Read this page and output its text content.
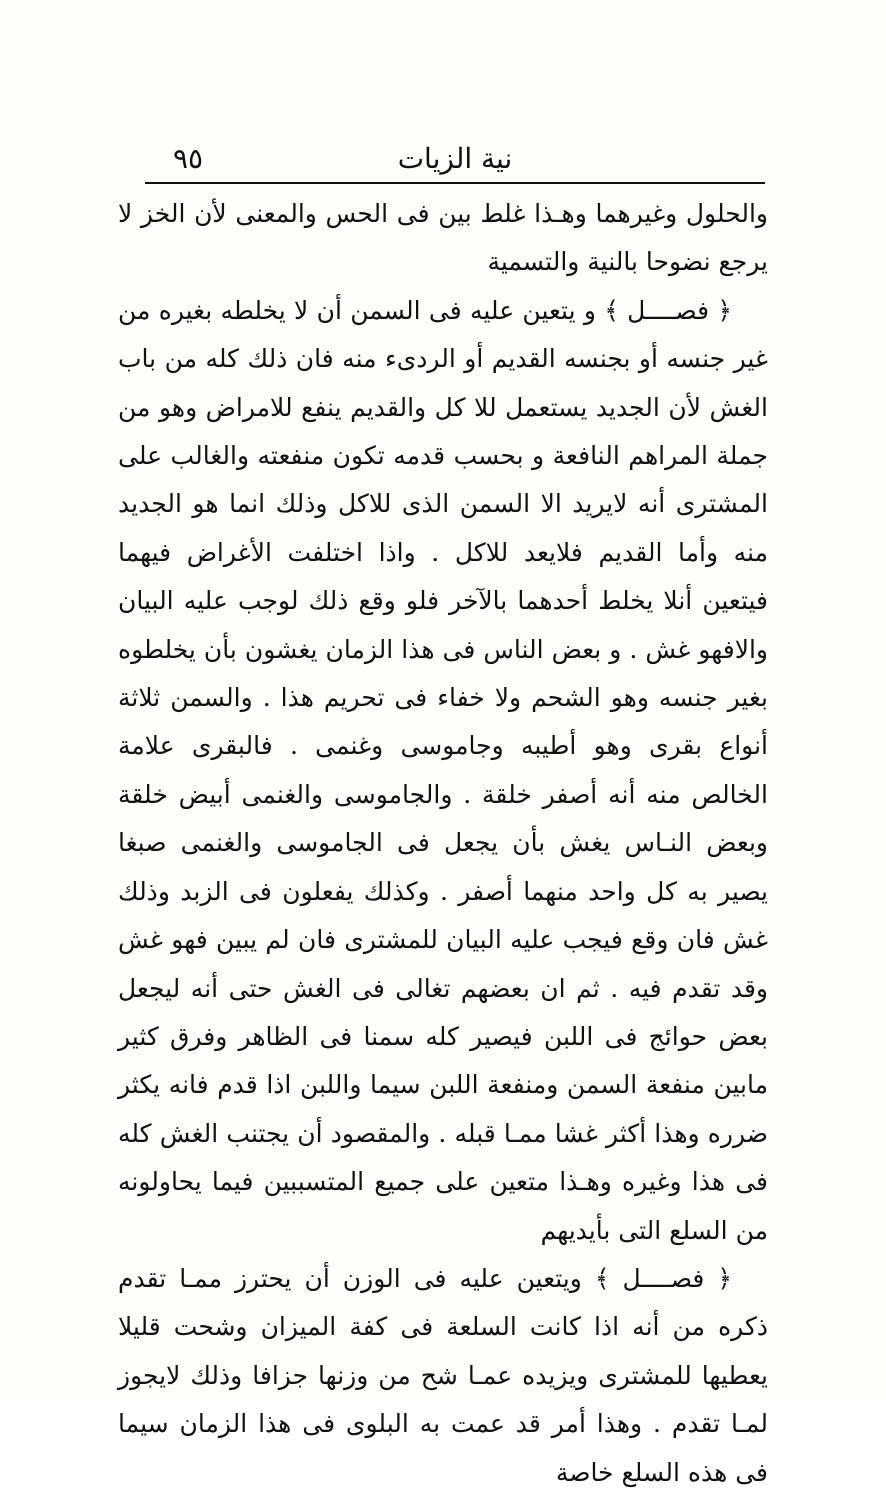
نية الزيات
٩٥

والحلول وغيرهما وهـذا غلط بين فى الحس والمعنى لأن الخز لا يرجع نضوحا بالنية والتسمية

﴿ فصــــل ﴾ و يتعين عليه فى السمن أن لا يخلطه بغيره من غير جنسه أو بجنسه القديم أو الردىء منه فان ذلك كله من باب الغش لأن الجديد يستعمل للا كل والقديم ينفع للامراض وهو من جملة المراهم النافعة و بحسب قدمه تكون منفعته والغالب على المشترى أنه لايريد الا السمن الذى للاكل وذلك انما هو الجديد منه وأما القديم فلايعد للاكل . واذا اختلفت الأغراض فيهما فيتعين أنلا يخلط أحدهما بالآخر فلو وقع ذلك لوجب عليه البيان والافهو غش . و بعض الناس فى هذا الزمان يغشون بأن يخلطوه بغير جنسه وهو الشحم ولا خفاء فى تحريم هذا . والسمن ثلاثة أنواع بقرى وهو أطيبه وجاموسى وغنمى . فالبقرى علامة الخالص منه أنه أصفر خلقة . والجاموسى والغنمى أبيض خلقة وبعض النـاس يغش بأن يجعل فى الجاموسى والغنمى صبغا يصير به كل واحد منهما أصفر . وكذلك يفعلون فى الزبد وذلك غش فان وقع فيجب عليه البيان للمشترى فان لم يبين فهو غش وقد تقدم فيه . ثم ان بعضهم تغالى فى الغش حتى أنه ليجعل بعض حوائج فى اللبن فيصير كله سمنا فى الظاهر وفرق كثير مابين منفعة السمن ومنفعة اللبن سيما واللبن اذا قدم فانه يكثر ضرره وهذا أكثر غشا ممـا قبله . والمقصود أن يجتنب الغش كله فى هذا وغيره وهـذا متعين على جميع المتسببين فيما يحاولونه من السلع التى بأيديهم

﴿ فصــــل ﴾ ويتعين عليه فى الوزن أن يحترز ممـا تقدم ذكره من أنه اذا كانت السلعة فى كفة الميزان وشحت قليلا يعطيها للمشترى ويزيده عمـا شح من وزنها جزافا وذلك لايجوز لمـا تقدم . وهذا أمر قد عمت به البلوى فى هذا الزمان سيما فى هذه السلع خاصة
